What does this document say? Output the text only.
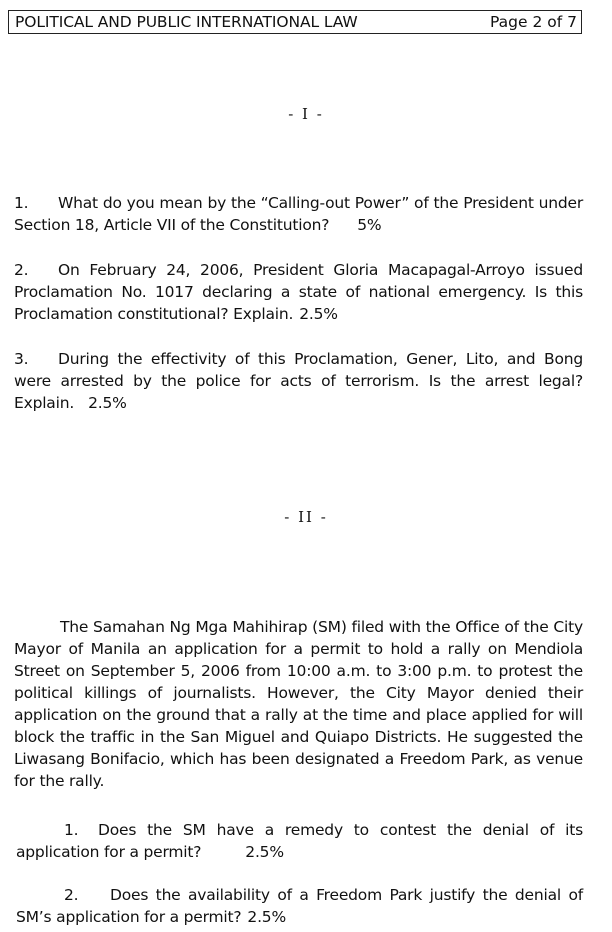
POLITICAL AND PUBLIC INTERNATIONAL LAW	Page 2 of 7
- I -

1. What do you mean by the “Calling-out Power” of the President under Section 18, Article VII of the Constitution? 5%

2. On February 24, 2006, President Gloria Macapagal-Arroyo issued Proclamation No. 1017 declaring a state of national emergency. Is this Proclamation constitutional? Explain. 2.5%

3. During the effectivity of this Proclamation, Gener, Lito, and Bong were arrested by the police for acts of terrorism. Is the arrest legal? Explain. 2.5%

- II -

The Samahan Ng Mga Mahihirap (SM) filed with the Office of the City Mayor of Manila an application for a permit to hold a rally on Mendiola Street on September 5, 2006 from 10:00 a.m. to 3:00 p.m. to protest the political killings of journalists. However, the City Mayor denied their application on the ground that a rally at the time and place applied for will block the traffic in the San Miguel and Quiapo Districts. He suggested the Liwasang Bonifacio, which has been designated a Freedom Park, as venue for the rally.

1. Does the SM have a remedy to contest the denial of its application for a permit?	2.5%

2. Does the availability of a Freedom Park justify the denial of SM’s application for a permit? 2.5%
